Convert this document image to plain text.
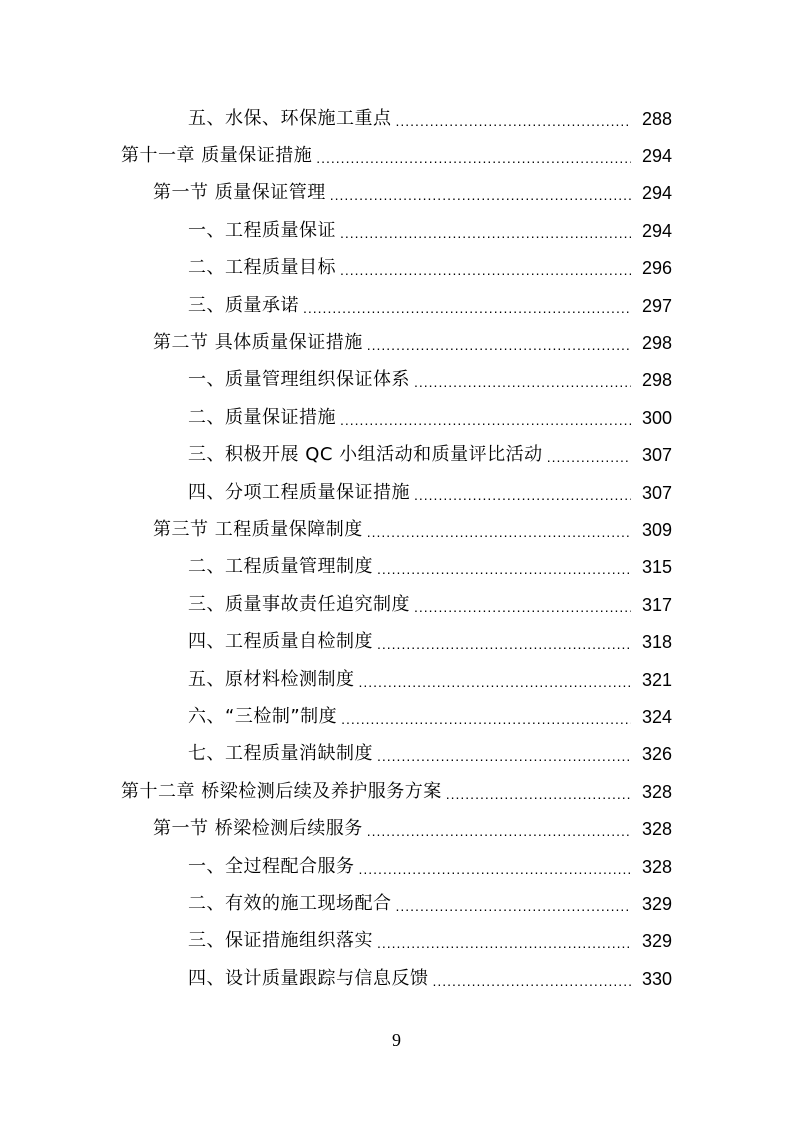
五、水保、环保施工重点 .....	288
第十一章 质量保证措施 .....	294
第一节 质量保证管理 .....	294
一、工程质量保证 .....	294
二、工程质量目标 .....	296
三、质量承诺 .....	297
第二节 具体质量保证措施 .....	298
一、质量管理组织保证体系 .....	298
二、质量保证措施 .....	300
三、积极开展 QC 小组活动和质量评比活动 .....	307
四、分项工程质量保证措施 .....	307
第三节 工程质量保障制度 .....	309
二、工程质量管理制度 .....	315
三、质量事故责任追究制度 .....	317
四、工程质量自检制度 .....	318
五、原材料检测制度 .....	321
六、“三检制”制度 .....	324
七、工程质量消缺制度 .....	326
第十二章 桥梁检测后续及养护服务方案 .....	328
第一节 桥梁检测后续服务 .....	328
一、全过程配合服务 .....	328
二、有效的施工现场配合 .....	329
三、保证措施组织落实 .....	329
四、设计质量跟踪与信息反馈 .....	330
9
